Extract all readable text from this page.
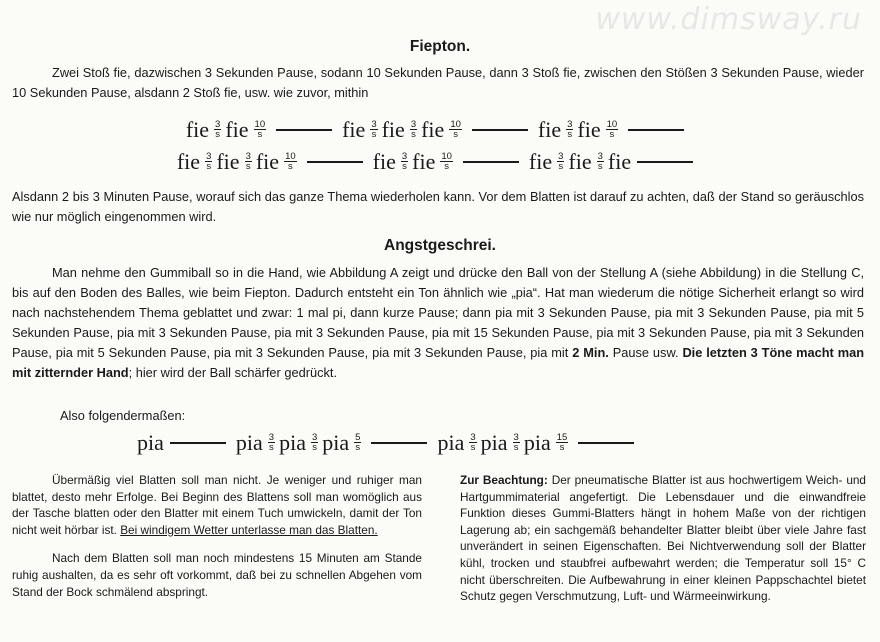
www.dimsway.ru
Fiepton.
Zwei Stoß fie, dazwischen 3 Sekunden Pause, sodann 10 Sekunden Pause, dann 3 Stoß fie, zwischen den Stößen 3 Sekunden Pause, wieder 10 Sekunden Pause, alsdann 2 Stoß fie, usw. wie zuvor, mithin
fie $\frac{3}{s}$ fie $\frac{10}{s}$	fie $\frac{3}{s}$ fie $\frac{3}{s}$ fie $\frac{10}{s}$	fie $\frac{3}{s}$ fie $\frac{10}{s}$
fie $\frac{3}{s}$ fie $\frac{3}{s}$ fie $\frac{10}{s}$	fie $\frac{3}{s}$ fie $\frac{10}{s}$	fie $\frac{3}{s}$ fie $\frac{3}{s}$ fie
Alsdann 2 bis 3 Minuten Pause, worauf sich das ganze Thema wiederholen kann. Vor dem Blatten ist darauf zu achten, daß der Stand so geräuschlos wie nur möglich eingenommen wird.
Angstgeschrei.
Man nehme den Gummiball so in die Hand, wie Abbildung A zeigt und drücke den Ball von der Stellung A (siehe Abbildung) in die Stellung C, bis auf den Boden des Balles, wie beim Fiepton. Dadurch entsteht ein Ton ähnlich wie „pia“. Hat man wiederum die nötige Sicherheit erlangt so wird nach nachstehendem Thema geblattet und zwar: 1 mal pi, dann kurze Pause; dann pia mit 3 Sekunden Pause, pia mit 3 Sekunden Pause, pia mit 5 Sekunden Pause, pia mit 3 Sekunden Pause, pia mit 3 Sekunden Pause, pia mit 15 Sekunden Pause, pia mit 3 Sekunden Pause, pia mit 3 Sekunden Pause, pia mit 5 Sekunden Pause, pia mit 3 Sekunden Pause, pia mit 3 Sekunden Pause, pia mit 2 Min. Pause usw. Die letzten 3 Töne macht man mit zitternder Hand; hier wird der Ball schärfer gedrückt.
Also folgendermaßen:
pia	pia $\frac{3}{s}$ pia $\frac{3}{s}$ pia $\frac{5}{s}$	pia $\frac{3}{s}$ pia $\frac{3}{s}$ pia $\frac{15}{s}$
Übermäßig viel Blatten soll man nicht. Je weniger und ruhiger man blattet, desto mehr Erfolge. Bei Beginn des Blattens soll man womöglich aus der Tasche blatten oder den Blatter mit einem Tuch umwickeln, damit der Ton nicht weit hörbar ist. Bei windigem Wetter unterlasse man das Blatten.
Nach dem Blatten soll man noch mindestens 15 Minuten am Stande ruhig aushalten, da es sehr oft vorkommt, daß bei zu schnellen Abgehen vom Stand der Bock schmälend abspringt.
Zur Beachtung: Der pneumatische Blatter ist aus hochwertigem Weich- und Hartgummimaterial angefertigt. Die Lebensdauer und die einwandfreie Funktion dieses Gummi-Blatters hängt in hohem Maße von der richtigen Lagerung ab; ein sachgemäß behandelter Blatter bleibt über viele Jahre fast unverändert in seinen Eigenschaften. Bei Nichtverwendung soll der Blatter kühl, trocken und staubfrei aufbewahrt werden; die Temperatur soll 15° C nicht überschreiten. Die Aufbewahrung in einer kleinen Pappschachtel bietet Schutz gegen Verschmutzung, Luft- und Wärmeeinwirkung.
